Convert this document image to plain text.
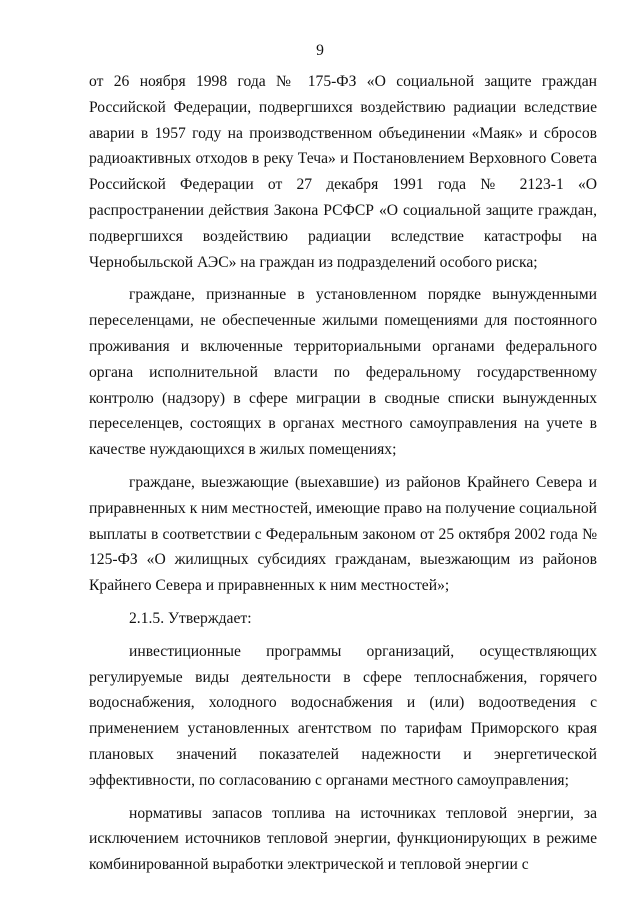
9

от 26 ноября 1998 года № 175-ФЗ «О социальной защите граждан Российской Федерации, подвергшихся воздействию радиации вследствие аварии в 1957 году на производственном объединении «Маяк» и сбросов радиоактивных отходов в реку Теча» и Постановлением Верховного Совета Российской Федерации от 27 декабря 1991 года № 2123-1 «О распространении действия Закона РСФСР «О социальной защите граждан, подвергшихся воздействию радиации вследствие катастрофы на Чернобыльской АЭС» на граждан из подразделений особого риска;

граждане, признанные в установленном порядке вынужденными переселенцами, не обеспеченные жилыми помещениями для постоянного проживания и включенные территориальными органами федерального органа исполнительной власти по федеральному государственному контролю (надзору) в сфере миграции в сводные списки вынужденных переселенцев, состоящих в органах местного самоуправления на учете в качестве нуждающихся в жилых помещениях;

граждане, выезжающие (выехавшие) из районов Крайнего Севера и приравненных к ним местностей, имеющие право на получение социальной выплаты в соответствии с Федеральным законом от 25 октября 2002 года № 125-ФЗ «О жилищных субсидиях гражданам, выезжающим из районов Крайнего Севера и приравненных к ним местностей»;

2.1.5. Утверждает:

инвестиционные программы организаций, осуществляющих регулируемые виды деятельности в сфере теплоснабжения, горячего водоснабжения, холодного водоснабжения и (или) водоотведения с применением установленных агентством по тарифам Приморского края плановых значений показателей надежности и энергетической эффективности, по согласованию с органами местного самоуправления;

нормативы запасов топлива на источниках тепловой энергии, за исключением источников тепловой энергии, функционирующих в режиме комбинированной выработки электрической и тепловой энергии с
